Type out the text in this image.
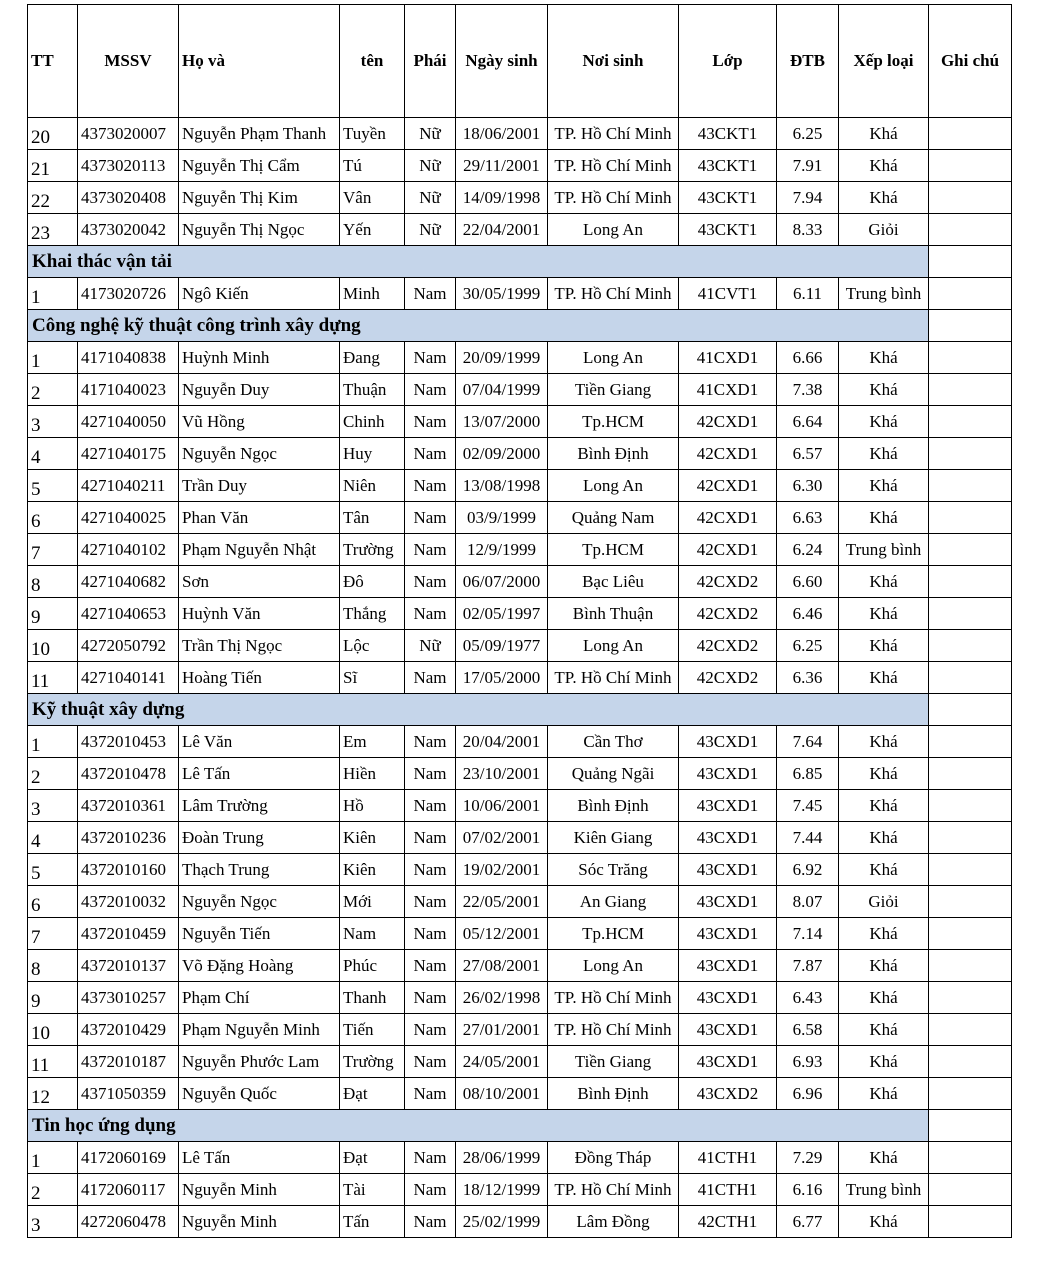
TT	MSSV	Họ và	tên	Phái	Ngày sinh	Nơi sinh	Lớp	ĐTB	Xếp loại	Ghi chú
20	4373020007	Nguyễn Phạm Thanh	Tuyền	Nữ	18/06/2001	TP. Hồ Chí Minh	43CKT1	6.25	Khá	
21	4373020113	Nguyễn Thị Cẩm	Tú	Nữ	29/11/2001	TP. Hồ Chí Minh	43CKT1	7.91	Khá	
22	4373020408	Nguyễn Thị Kim	Vân	Nữ	14/09/1998	TP. Hồ Chí Minh	43CKT1	7.94	Khá	
23	4373020042	Nguyễn Thị Ngọc	Yến	Nữ	22/04/2001	Long An	43CKT1	8.33	Giỏi	
Khai thác vận tải										
1	4173020726	Ngô Kiến	Minh	Nam	30/05/1999	TP. Hồ Chí Minh	41CVT1	6.11	Trung bình	
Công nghệ kỹ thuật công trình xây dựng										
1	4171040838	Huỳnh Minh	Đang	Nam	20/09/1999	Long An	41CXD1	6.66	Khá	
2	4171040023	Nguyễn Duy	Thuận	Nam	07/04/1999	Tiền Giang	41CXD1	7.38	Khá	
3	4271040050	Vũ Hồng	Chinh	Nam	13/07/2000	Tp.HCM	42CXD1	6.64	Khá	
4	4271040175	Nguyễn Ngọc	Huy	Nam	02/09/2000	Bình Định	42CXD1	6.57	Khá	
5	4271040211	Trần Duy	Niên	Nam	13/08/1998	Long An	42CXD1	6.30	Khá	
6	4271040025	Phan Văn	Tân	Nam	03/9/1999	Quảng Nam	42CXD1	6.63	Khá	
7	4271040102	Phạm Nguyễn Nhật	Trường	Nam	12/9/1999	Tp.HCM	42CXD1	6.24	Trung bình	
8	4271040682	Sơn	Đô	Nam	06/07/2000	Bạc Liêu	42CXD2	6.60	Khá	
9	4271040653	Huỳnh Văn	Thắng	Nam	02/05/1997	Bình Thuận	42CXD2	6.46	Khá	
10	4272050792	Trần Thị Ngọc	Lộc	Nữ	05/09/1977	Long An	42CXD2	6.25	Khá	
11	4271040141	Hoàng Tiến	Sĩ	Nam	17/05/2000	TP. Hồ Chí Minh	42CXD2	6.36	Khá	
Kỹ thuật xây dựng										
1	4372010453	Lê Văn	Em	Nam	20/04/2001	Cần Thơ	43CXD1	7.64	Khá	
2	4372010478	Lê Tấn	Hiền	Nam	23/10/2001	Quảng Ngãi	43CXD1	6.85	Khá	
3	4372010361	Lâm Trường	Hồ	Nam	10/06/2001	Bình Định	43CXD1	7.45	Khá	
4	4372010236	Đoàn Trung	Kiên	Nam	07/02/2001	Kiên Giang	43CXD1	7.44	Khá	
5	4372010160	Thạch Trung	Kiên	Nam	19/02/2001	Sóc Trăng	43CXD1	6.92	Khá	
6	4372010032	Nguyễn Ngọc	Mới	Nam	22/05/2001	An Giang	43CXD1	8.07	Giỏi	
7	4372010459	Nguyễn Tiến	Nam	Nam	05/12/2001	Tp.HCM	43CXD1	7.14	Khá	
8	4372010137	Võ Đặng Hoàng	Phúc	Nam	27/08/2001	Long An	43CXD1	7.87	Khá	
9	4373010257	Phạm Chí	Thanh	Nam	26/02/1998	TP. Hồ Chí Minh	43CXD1	6.43	Khá	
10	4372010429	Phạm Nguyễn Minh	Tiến	Nam	27/01/2001	TP. Hồ Chí Minh	43CXD1	6.58	Khá	
11	4372010187	Nguyễn Phước Lam	Trường	Nam	24/05/2001	Tiền Giang	43CXD1	6.93	Khá	
12	4371050359	Nguyễn Quốc	Đạt	Nam	08/10/2001	Bình Định	43CXD2	6.96	Khá	
Tin học ứng dụng										
1	4172060169	Lê Tấn	Đạt	Nam	28/06/1999	Đồng Tháp	41CTH1	7.29	Khá	
2	4172060117	Nguyễn Minh	Tài	Nam	18/12/1999	TP. Hồ Chí Minh	41CTH1	6.16	Trung bình	
3	4272060478	Nguyễn Minh	Tấn	Nam	25/02/1999	Lâm Đồng	42CTH1	6.77	Khá	
